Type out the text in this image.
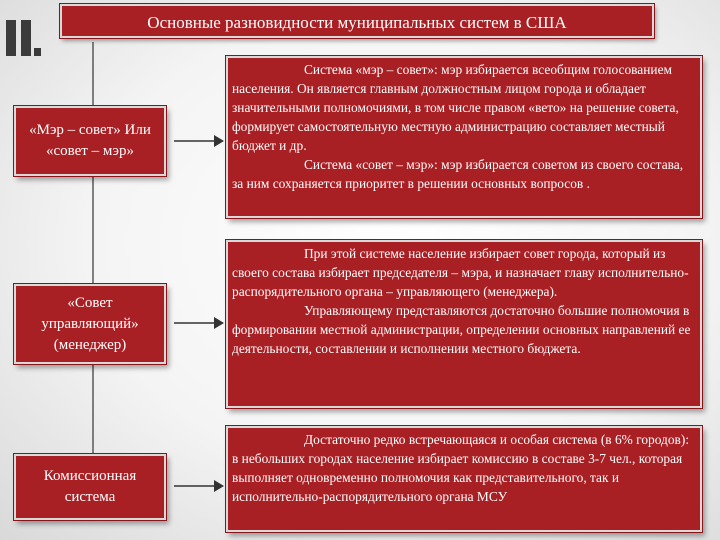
Основные разновидности муниципальных систем в США
«Мэр – совет» Или «совет – мэр»

Система «мэр – совет»: мэр избирается всеобщим голосованием населения. Он является главным должностным лицом города и обладает значительными полномочиями, в том числе правом «вето» на решение совета, формирует самостоятельную местную администрацию составляет местный бюджет и др.

Система «совет – мэр»: мэр избирается советом из своего состава, за ним сохраняется приоритет в решении основных вопросов .

«Совет управляющий» (менеджер)

При этой системе население избирает совет города, который из своего состава избирает председателя – мэра, и назначает главу исполнительно-распорядительного органа – управляющего (менеджера).

Управляющему представляются достаточно большие полномочия в формировании местной администрации, определении основных направлений ее деятельности, составлении и исполнении местного бюджета.

Комиссионная система

Достаточно редко встречающаяся и особая система (в 6% городов): в небольших городах население избирает комиссию в составе 3-7 чел., которая выполняет одновременно полномочия как представительного, так и исполнительно-распорядительного органа МСУ
